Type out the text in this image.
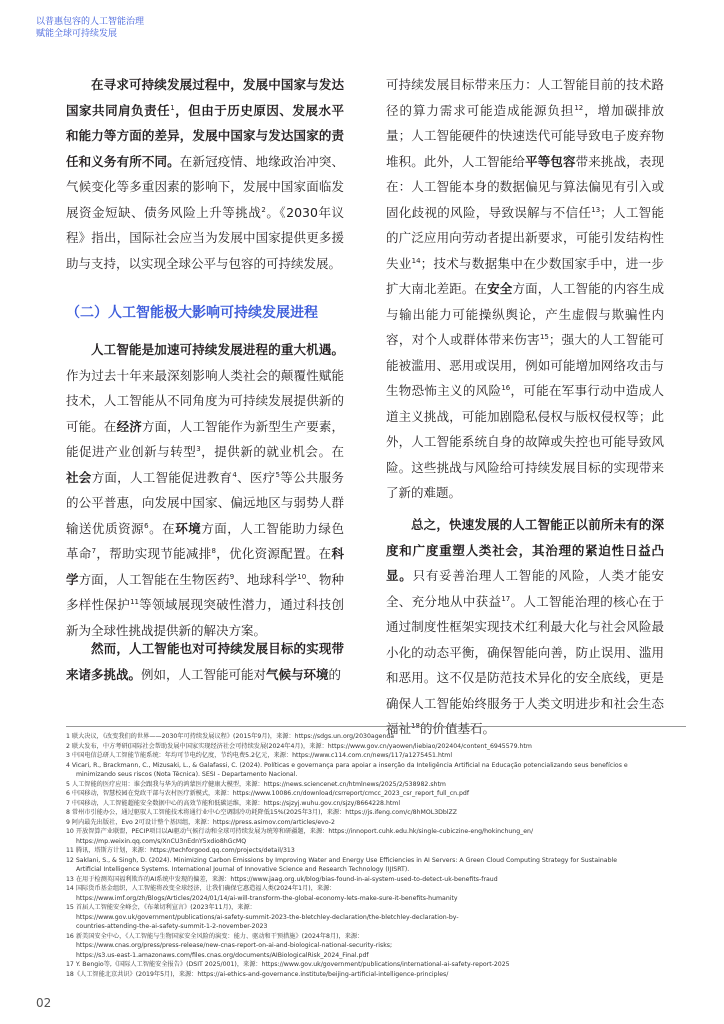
以普惠包容的人工智能治理
赋能全球可持续发展

在寻求可持续发展过程中，发展中国家与发达国家共同肩负责任$^1$，但由于历史原因、发展水平和能力等方面的差异，发展中国家与发达国家的责任和义务有所不同。在新冠疫情、地缘政治冲突、气候变化等多重因素的影响下，发展中国家面临发展资金短缺、债务风险上升等挑战$^2$。《2030年议程》指出，国际社会应当为发展中国家提供更多援助与支持，以实现全球公平与包容的可持续发展。

（二）人工智能极大影响可持续发展进程

人工智能是加速可持续发展进程的重大机遇。作为过去十年来最深刻影响人类社会的颠覆性赋能技术，人工智能从不同角度为可持续发展提供新的可能。在经济方面，人工智能作为新型生产要素，能促进产业创新与转型$^3$，提供新的就业机会。在社会方面，人工智能促进教育$^4$、医疗$^5$等公共服务的公平普惠，向发展中国家、偏远地区与弱势人群输送优质资源$^6$。在环境方面，人工智能助力绿色革命$^7$，帮助实现节能减排$^8$，优化资源配置。在科学方面，人工智能在生物医药$^9$、地球科学$^{10}$、物种多样性保护$^{11}$等领域展现突破性潜力，通过科技创新为全球性挑战提供新的解决方案。

然而，人工智能也对可持续发展目标的实现带来诸多挑战。例如，人工智能可能对气候与环境的

可持续发展目标带来压力：人工智能目前的技术路径的算力需求可能造成能源负担$^{12}$，增加碳排放量；人工智能硬件的快速迭代可能导致电子废弃物堆积。此外，人工智能给平等包容带来挑战，表现在：人工智能本身的数据偏见与算法偏见有引入或固化歧视的风险，导致误解与不信任$^{13}$；人工智能的广泛应用向劳动者提出新要求，可能引发结构性失业$^{14}$；技术与数据集中在少数国家手中，进一步扩大南北差距。在安全方面，人工智能的内容生成与输出能力可能操纵舆论，产生虚假与欺骗性内容，对个人或群体带来伤害$^{15}$；强大的人工智能可能被滥用、恶用或误用，例如可能增加网络攻击与生物恐怖主义的风险$^{16}$，可能在军事行动中造成人道主义挑战，可能加剧隐私侵权与版权侵权等；此外，人工智能系统自身的故障或失控也可能导致风险。这些挑战与风险给可持续发展目标的实现带来了新的难题。

总之，快速发展的人工智能正以前所未有的深度和广度重塑人类社会，其治理的紧迫性日益凸显。只有妥善治理人工智能的风险，人类才能安全、充分地从中获益$^{17}$。人工智能治理的核心在于通过制度性框架实现技术红利最大化与社会风险最小化的动态平衡，确保智能向善，防止误用、滥用和恶用。这不仅是防范技术异化的安全底线，更是确保人工智能始终服务于人类文明进步和社会生态福祉$^{18}$的价值基石。

1 联大决议，《改变我们的世界——2030年可持续发展议程》(2015年9月)，来源：https://sdgs.un.org/2030agenda
2 联大发布，中方考研(国际社会帮助发展中国家实现经济社会可持续发展(2024年4月)，来源：https://www.gov.cn/yaowen/liebiao/202404/content_6945579.htm
3 中国电信总研人工智能节能系统：年均可节电约亿度，节约电费5.2亿元，来源：https://www.c114.com.cn/news/117/a1275451.html
4 Vicari, R., Brackmann, C., Mizusaki, L., & Galafassi, C. (2024). Políticas e governança para apoiar a inserção da Inteligência Artificial na Educação potencializando seus benefícios e
minimizando seus riscos (Nota Técnica). SESI - Departamento Nacional.
5 人工智能的医疗应用：谁会跟我与华为的鸿蒙医疗健康大模型，来源：https://news.sciencenet.cn/htmlnews/2025/2/538982.shtm
6 中国移动，智慧校园在党政干部与农村医疗新模式，来源：https://www.10086.cn/download/csrreport/cmcc_2023_csr_report_full_cn.pdf
7 中国移动，人工智能超能安全数据中心的高效节能和低碳运维，来源：https://sjzyj.wuhu.gov.cn/sjzy/8664228.html
8 常州市引能办公，通过驱驭人工智能技术将通行业中心空调制冷功耗降低15%(2025年3月)，来源：https://js.ifeng.com/c/8hMOL3DblZZ
9 阿内最先出版社，Evo 2可设计整个基因组，来源：https://press.asimov.com/articles/evo-2
10 开放智算产业联盟，PECIP项目以AI驱动气候行动和全球可持续发展为统筹和研疆题，来源：https://innoport.cuhk.edu.hk/single-cubiczine-eng/hokinchung_en/
https://mp.weixin.qq.com/s/XnCU3nEdnY5xdio8hGcMQ
11 腾讯，塔斯方计划，来源：https://techforgood.qq.com/projects/detail/313
12 Saklani, S., & Singh, D. (2024). Minimizing Carbon Emissions by Improving Water and Energy Use Efficiencies in AI Servers: A Green Cloud Computing Strategy for Sustainable
Artificial Intelligence Systems. International Journal of Innovative Science and Research Technology (IJISRT).
13 在用于检测英国福利欺诈的AI系统中发现的偏差，来源：https://www.jaag.org.uk/blog/bias-found-in-ai-system-used-to-detect-uk-benefits-fraud
14 国际货币基金组织，人工智能将改变全球经济，让我们确保它惠造福人类(2024年1月)，来源：
https://www.imf.org/zh/Blogs/Articles/2024/01/14/ai-will-transform-the-global-economy-lets-make-sure-it-benefits-humanity
15 首届人工智能安全峰会，《布莱切利宣言》(2023年11月)，来源：
https://www.gov.uk/government/publications/ai-safety-summit-2023-the-bletchley-declaration/the-bletchley-declaration-by-
countries-attending-the-ai-safety-summit-1-2-november-2023
16 新美国安全中心，《人工智能与生物国家安全风险的演变：能力、驱动和干预措施》(2024年8月)，来源：
https://www.cnas.org/press/press-release/new-cnas-report-on-ai-and-biological-national-security-risks;
https://s3.us-east-1.amazonaws.com/files.cnas.org/documents/AIBiologicalRisk_2024_Final.pdf
17 Y. Bengio等,《国际人工智能安全报告》(DSIT 2025/001)，来源：https://www.gov.uk/government/publications/international-ai-safety-report-2025
18《人工智能北京共识》(2019年5月)，来源：https://ai-ethics-and-governance.institute/beijing-artificial-intelligence-principles/
02
